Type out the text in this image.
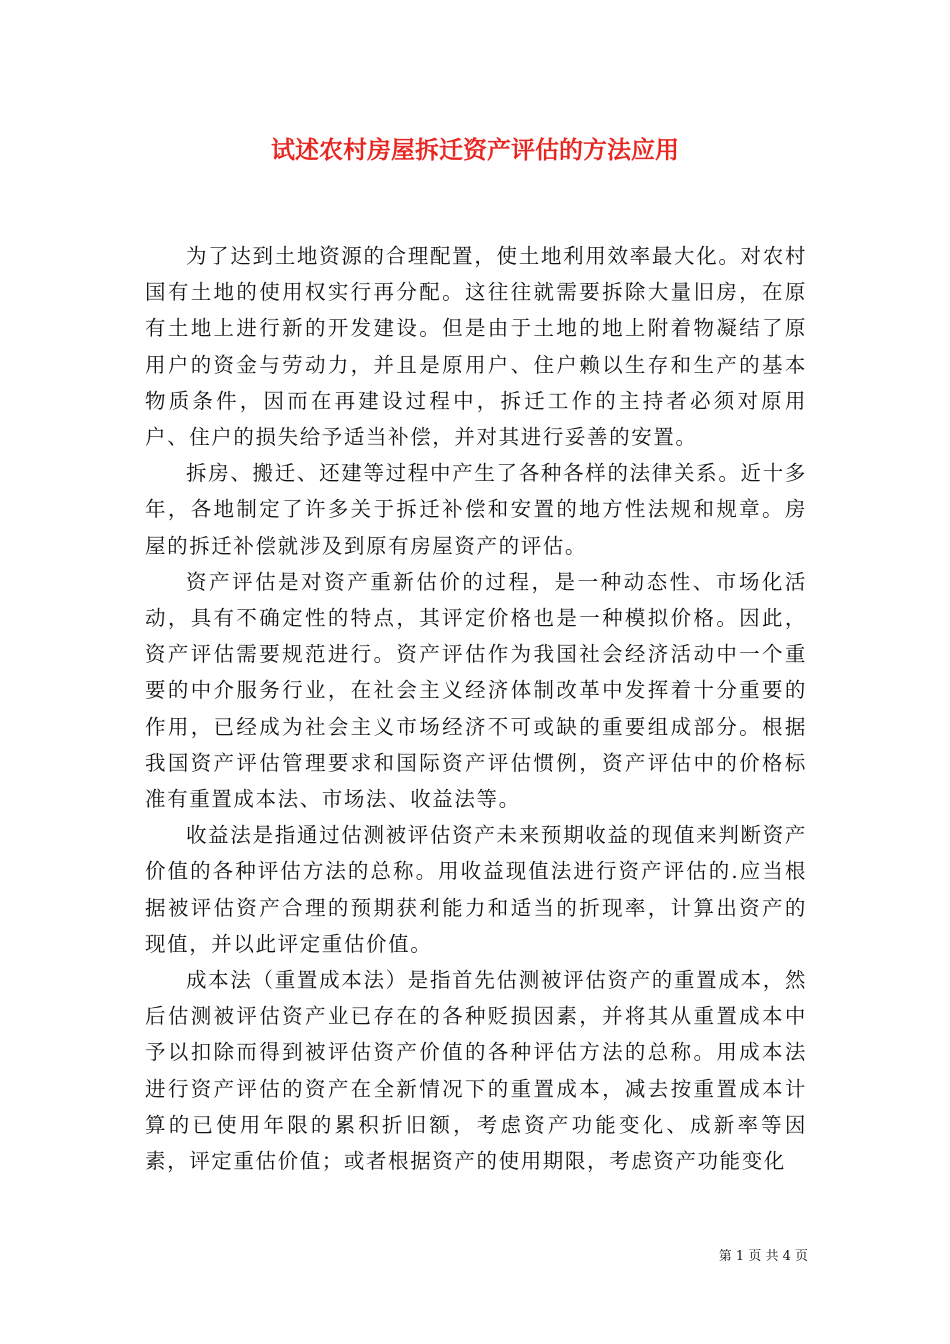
试述农村房屋拆迁资产评估的方法应用

为了达到土地资源的合理配置，使土地利用效率最大化。对农村国有土地的使用权实行再分配。这往往就需要拆除大量旧房，在原有土地上进行新的开发建设。但是由于土地的地上附着物凝结了原用户的资金与劳动力，并且是原用户、住户赖以生存和生产的基本物质条件，因而在再建设过程中，拆迁工作的主持者必须对原用户、住户的损失给予适当补偿，并对其进行妥善的安置。

拆房、搬迁、还建等过程中产生了各种各样的法律关系。近十多年，各地制定了许多关于拆迁补偿和安置的地方性法规和规章。房屋的拆迁补偿就涉及到原有房屋资产的评估。

资产评估是对资产重新估价的过程，是一种动态性、市场化活动，具有不确定性的特点，其评定价格也是一种模拟价格。因此，资产评估需要规范进行。资产评估作为我国社会经济活动中一个重要的中介服务行业，在社会主义经济体制改革中发挥着十分重要的作用，已经成为社会主义市场经济不可或缺的重要组成部分。根据我国资产评估管理要求和国际资产评估惯例，资产评估中的价格标准有重置成本法、市场法、收益法等。

收益法是指通过估测被评估资产未来预期收益的现值来判断资产价值的各种评估方法的总称。用收益现值法进行资产评估的.应当根据被评估资产合理的预期获利能力和适当的折现率，计算出资产的现值，并以此评定重估价值。

成本法（重置成本法）是指首先估测被评估资产的重置成本，然后估测被评估资产业已存在的各种贬损因素，并将其从重置成本中予以扣除而得到被评估资产价值的各种评估方法的总称。用成本法进行资产评估的资产在全新情况下的重置成本，减去按重置成本计算的已使用年限的累积折旧额，考虑资产功能变化、成新率等因素，评定重估价值；或者根据资产的使用期限，考虑资产功能变化

第 1 页 共 4 页
